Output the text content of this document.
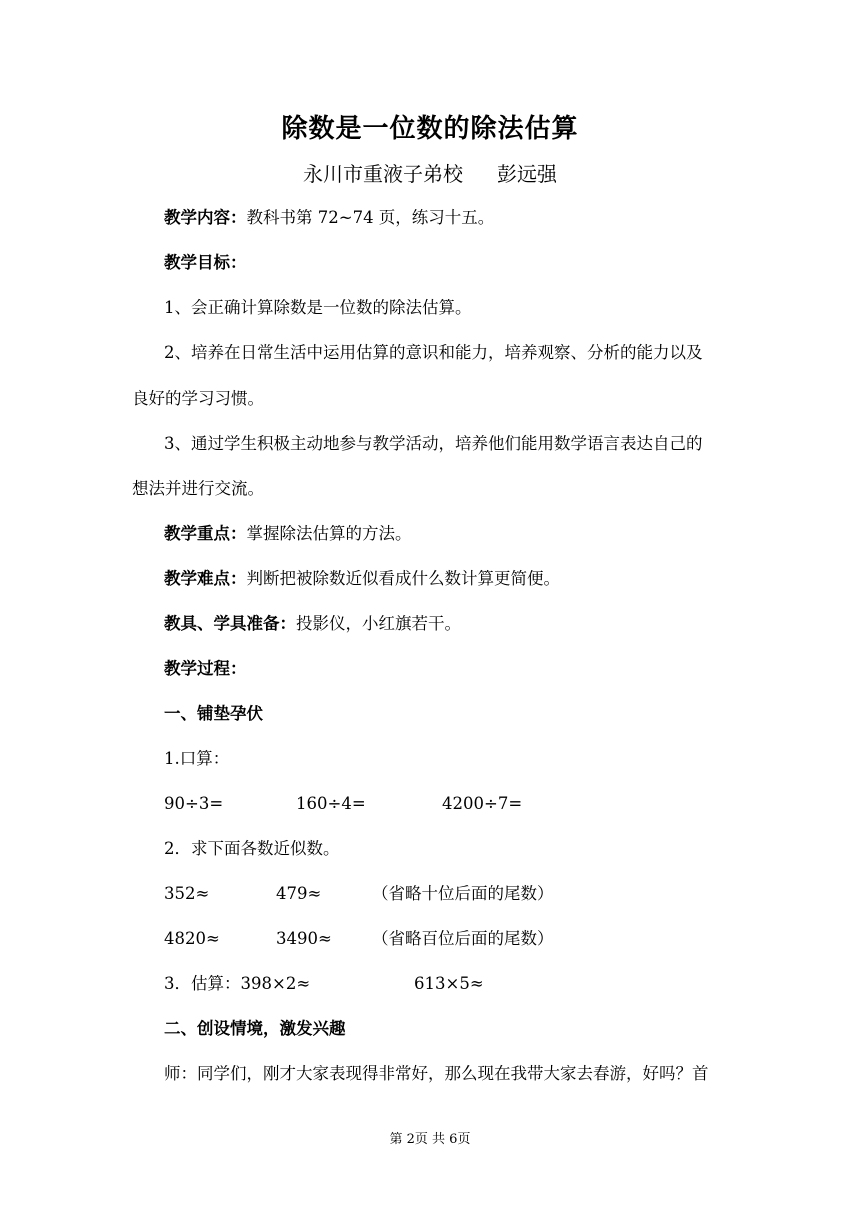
除数是一位数的除法估算
永川市重液子弟校 彭远强
教学内容：教科书第 72~74 页，练习十五。
教学目标：
1、会正确计算除数是一位数的除法估算。
2、培养在日常生活中运用估算的意识和能力，培养观察、分析的能力以及
良好的学习习惯。
3、通过学生积极主动地参与教学活动，培养他们能用数学语言表达自己的
想法并进行交流。
教学重点：掌握除法估算的方法。
教学难点：判断把被除数近似看成什么数计算更简便。
教具、学具准备：投影仪，小红旗若干。
教学过程：
一、铺垫孕伏
1.口算：
90÷3=	160÷4=	4200÷7=
2．求下面各数近似数。
352≈	479≈	（省略十位后面的尾数）
4820≈	3490≈ （省略百位后面的尾数）
3．估算：398×2≈	613×5≈
二、创设情境，激发兴趣
师：同学们，刚才大家表现得非常好，那么现在我带大家去春游，好吗？首
第 2页 共 6页
